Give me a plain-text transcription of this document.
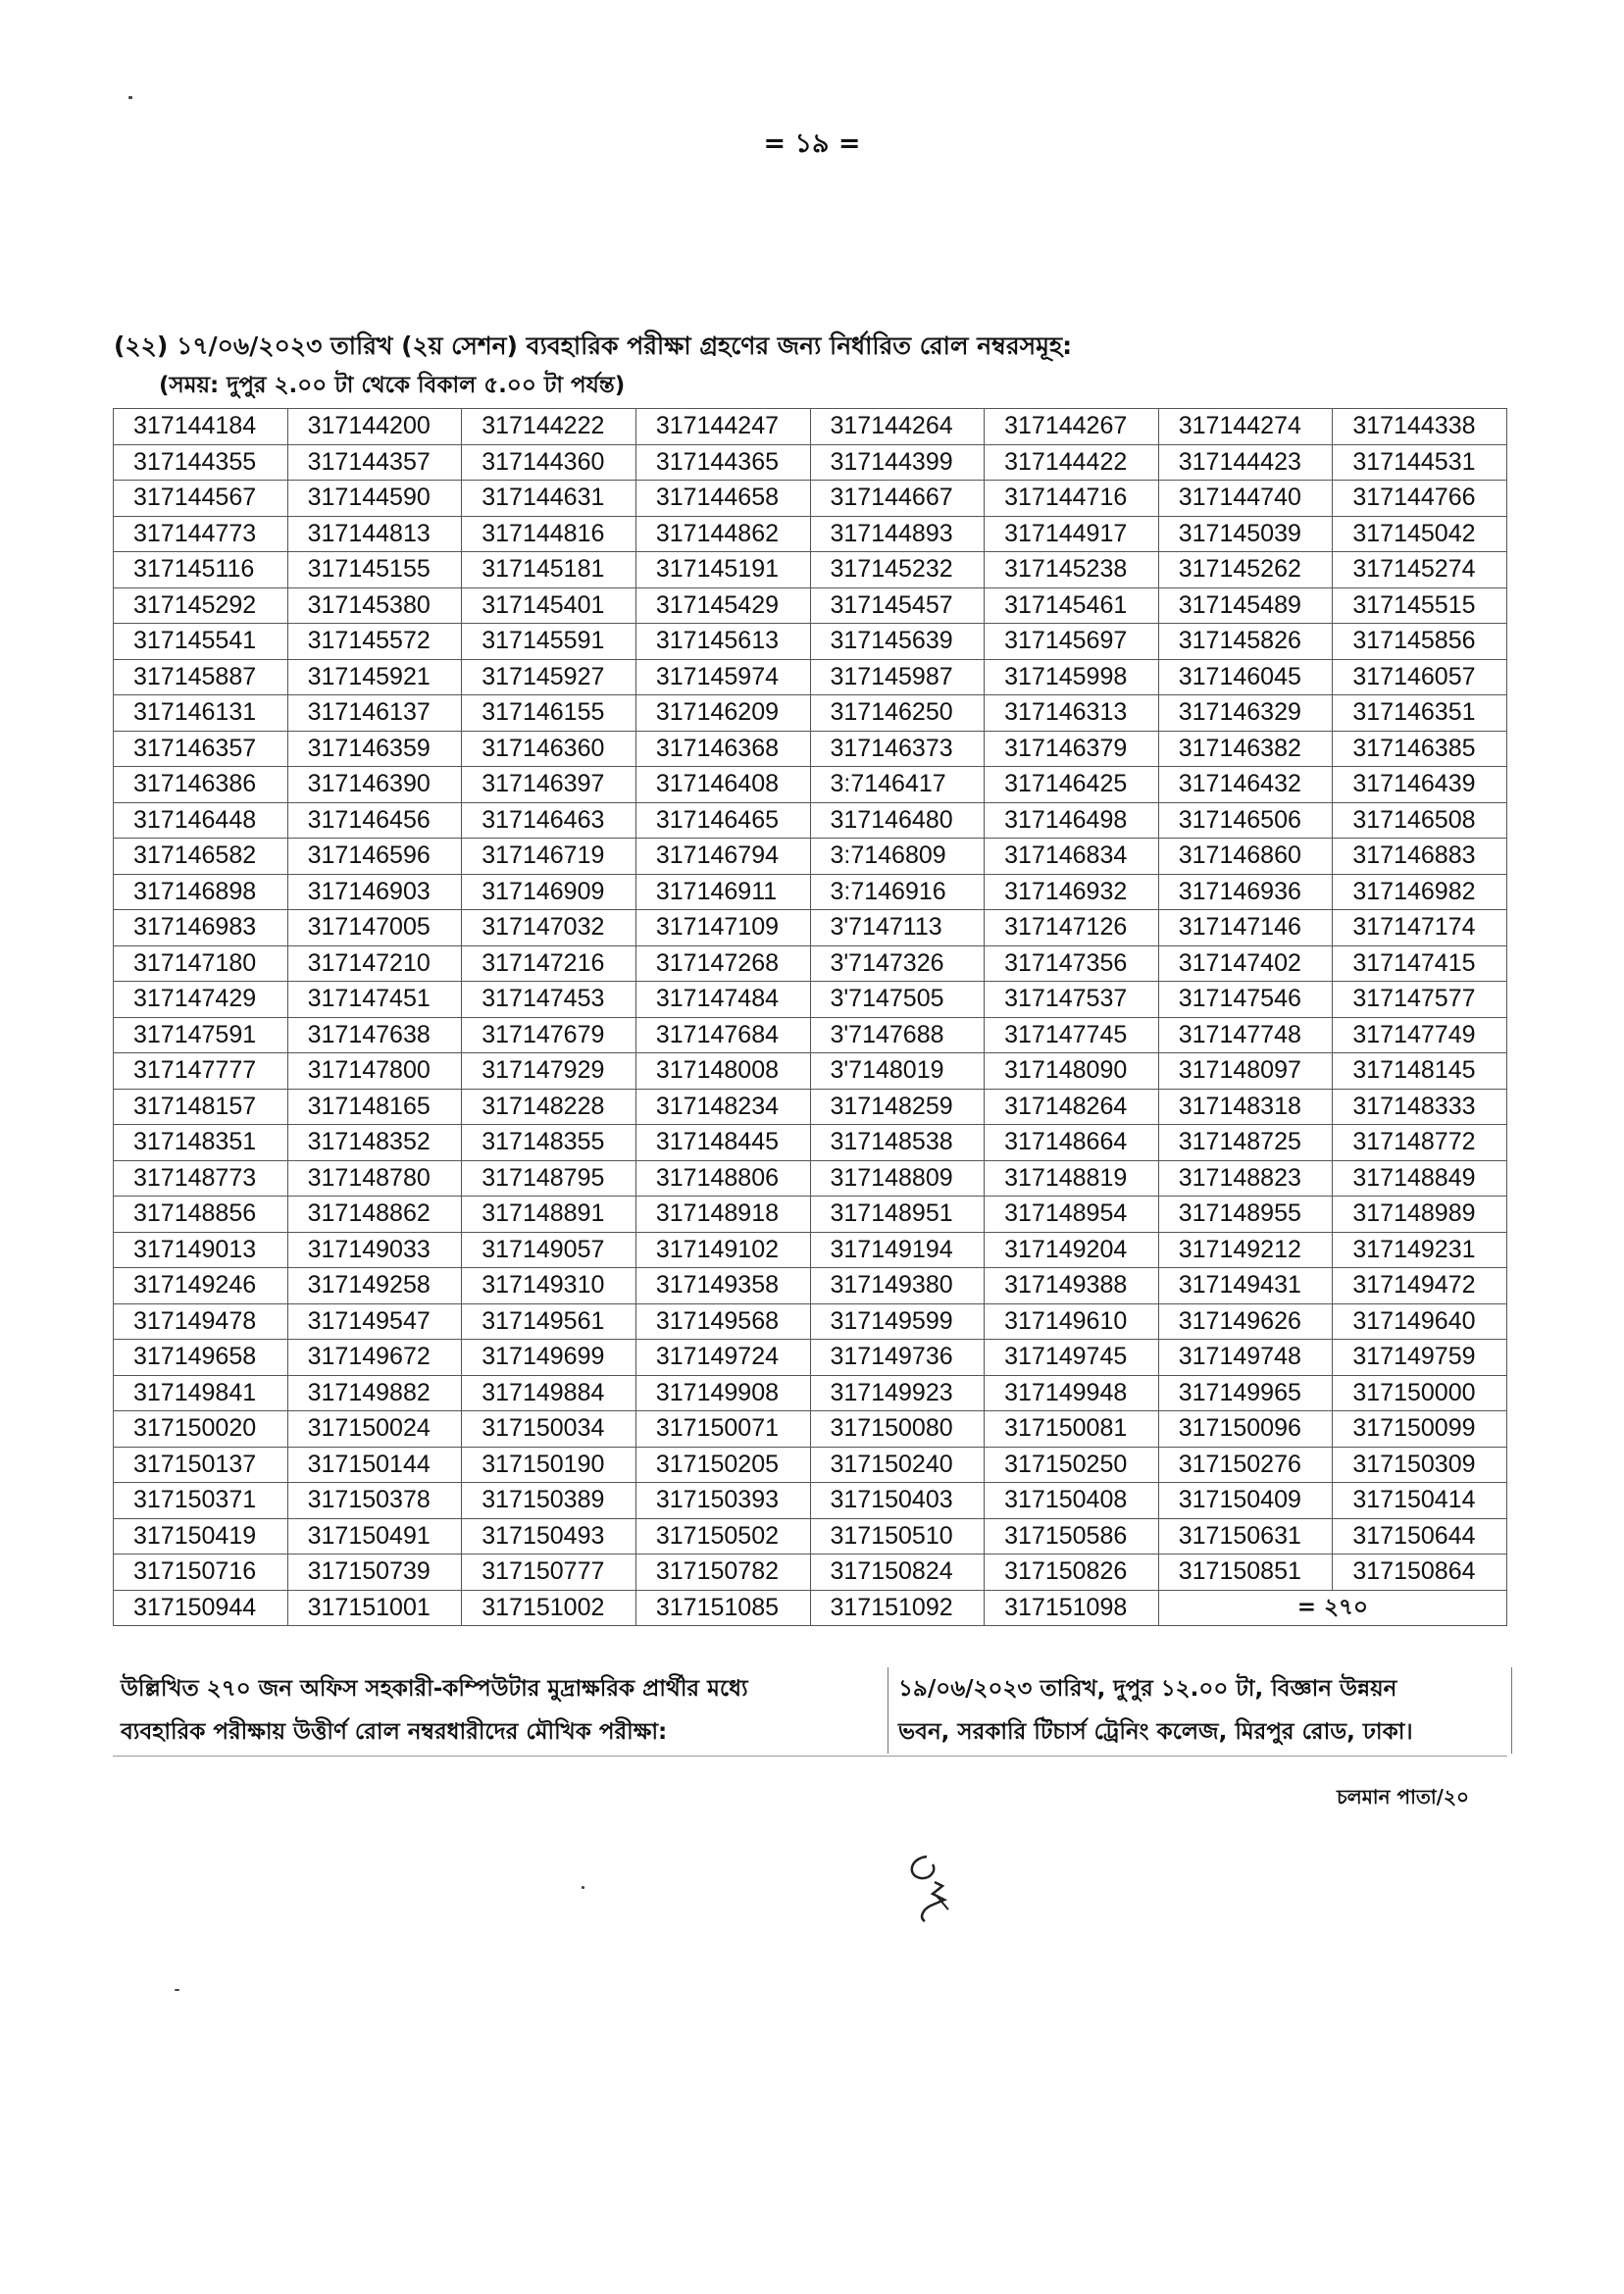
= ১৯ =
(২২) ১৭/০৬/২০২৩ তারিখ (২য় সেশন) ব্যবহারিক পরীক্ষা গ্রহণের জন্য নির্ধারিত রোল নম্বরসমূহ:
(সময়: দুপুর ২.০০ টা থেকে বিকাল ৫.০০ টা পর্যন্ত)
317144184	317144200	317144222	317144247	317144264	317144267	317144274	317144338
317144355	317144357	317144360	317144365	317144399	317144422	317144423	317144531
317144567	317144590	317144631	317144658	317144667	317144716	317144740	317144766
317144773	317144813	317144816	317144862	317144893	317144917	317145039	317145042
317145116	317145155	317145181	317145191	317145232	317145238	317145262	317145274
317145292	317145380	317145401	317145429	317145457	317145461	317145489	317145515
317145541	317145572	317145591	317145613	317145639	317145697	317145826	317145856
317145887	317145921	317145927	317145974	317145987	317145998	317146045	317146057
317146131	317146137	317146155	317146209	317146250	317146313	317146329	317146351
317146357	317146359	317146360	317146368	317146373	317146379	317146382	317146385
317146386	317146390	317146397	317146408	3:7146417	317146425	317146432	317146439
317146448	317146456	317146463	317146465	317146480	317146498	317146506	317146508
317146582	317146596	317146719	317146794	3:7146809	317146834	317146860	317146883
317146898	317146903	317146909	317146911	3:7146916	317146932	317146936	317146982
317146983	317147005	317147032	317147109	3'7147113	317147126	317147146	317147174
317147180	317147210	317147216	317147268	3'7147326	317147356	317147402	317147415
317147429	317147451	317147453	317147484	3'7147505	317147537	317147546	317147577
317147591	317147638	317147679	317147684	3'7147688	317147745	317147748	317147749
317147777	317147800	317147929	317148008	3'7148019	317148090	317148097	317148145
317148157	317148165	317148228	317148234	317148259	317148264	317148318	317148333
317148351	317148352	317148355	317148445	317148538	317148664	317148725	317148772
317148773	317148780	317148795	317148806	317148809	317148819	317148823	317148849
317148856	317148862	317148891	317148918	317148951	317148954	317148955	317148989
317149013	317149033	317149057	317149102	317149194	317149204	317149212	317149231
317149246	317149258	317149310	317149358	317149380	317149388	317149431	317149472
317149478	317149547	317149561	317149568	317149599	317149610	317149626	317149640
317149658	317149672	317149699	317149724	317149736	317149745	317149748	317149759
317149841	317149882	317149884	317149908	317149923	317149948	317149965	317150000
317150020	317150024	317150034	317150071	317150080	317150081	317150096	317150099
317150137	317150144	317150190	317150205	317150240	317150250	317150276	317150309
317150371	317150378	317150389	317150393	317150403	317150408	317150409	317150414
317150419	317150491	317150493	317150502	317150510	317150586	317150631	317150644
317150716	317150739	317150777	317150782	317150824	317150826	317150851	317150864
317150944	317151001	317151002	317151085	317151092	317151098	= ২৭০	
উল্লিখিত ২৭০ জন অফিস সহকারী-কম্পিউটার মুদ্রাক্ষরিক প্রার্থীর মধ্যে
ব্যবহারিক পরীক্ষায় উত্তীর্ণ রোল নম্বরধারীদের মৌখিক পরীক্ষা:
১৯/০৬/২০২৩ তারিখ, দুপুর ১২.০০ টা, বিজ্ঞান উন্নয়ন
ভবন, সরকারি টিচার্স ট্রেনিং কলেজ, মিরপুর রোড, ঢাকা।
চলমান পাতা/২০
